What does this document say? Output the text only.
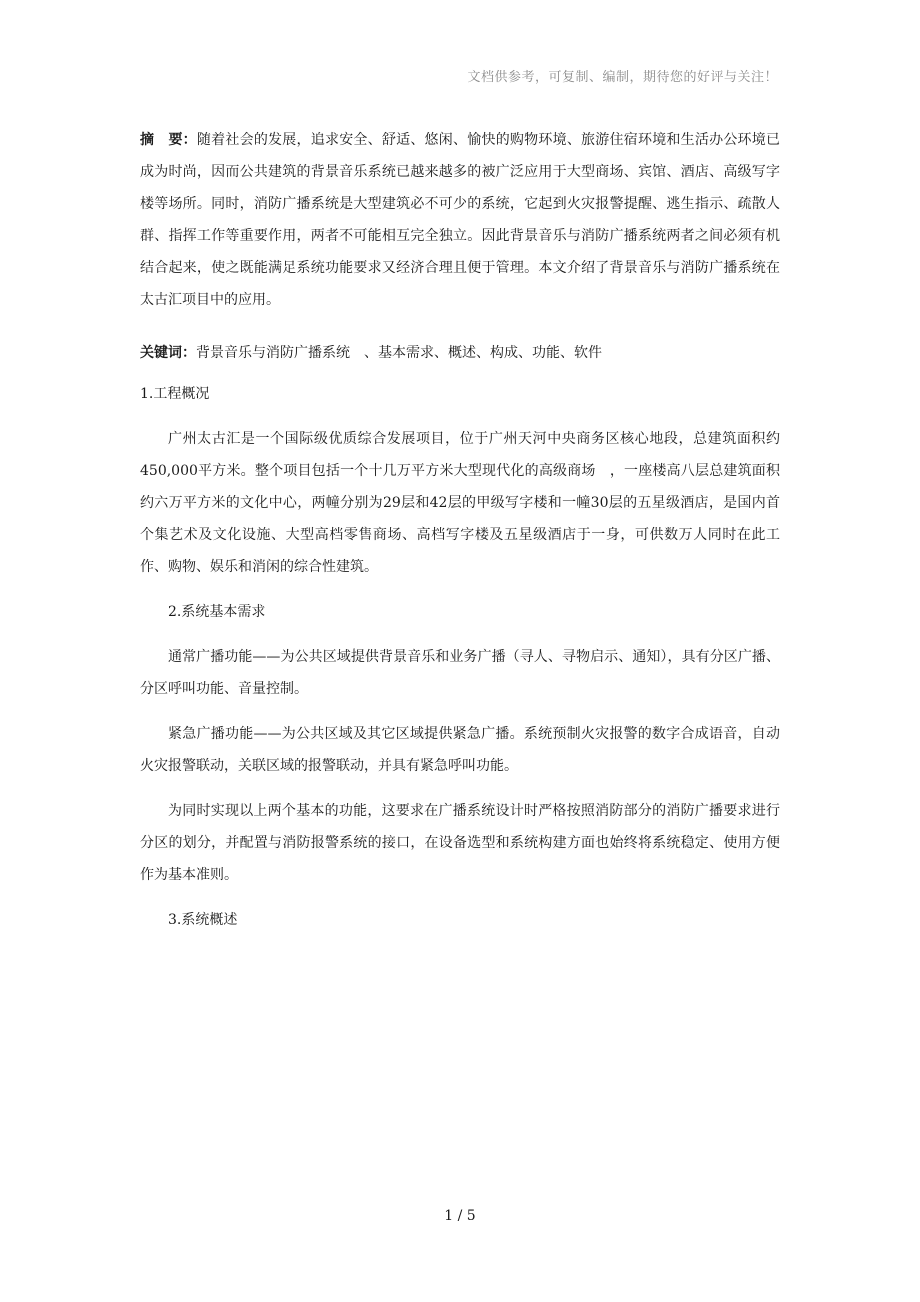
文档供参考，可复制、编制，期待您的好评与关注！

摘　要：随着社会的发展，追求安全、舒适、悠闲、愉快的购物环境、旅游住宿环境和生活办公环境已成为时尚，因而公共建筑的背景音乐系统已越来越多的被广泛应用于大型商场、宾馆、酒店、高级写字楼等场所。同时，消防广播系统是大型建筑必不可少的系统，它起到火灾报警提醒、逃生指示、疏散人群、指挥工作等重要作用，两者不可能相互完全独立。因此背景音乐与消防广播系统两者之间必须有机结合起来，使之既能满足系统功能要求又经济合理且便于管理。本文介绍了背景音乐与消防广播系统在太古汇项目中的应用。

关键词：背景音乐与消防广播系统　、基本需求、概述、构成、功能、软件

1.工程概况

广州太古汇是一个国际级优质综合发展项目，位于广州天河中央商务区核心地段，总建筑面积约450,000平方米。整个项目包括一个十几万平方米大型现代化的高级商场　，一座楼高八层总建筑面积约六万平方米的文化中心，两幢分别为29层和42层的甲级写字楼和一幢30层的五星级酒店，是国内首个集艺术及文化设施、大型高档零售商场、高档写字楼及五星级酒店于一身，可供数万人同时在此工作、购物、娱乐和消闲的综合性建筑。

2.系统基本需求

通常广播功能——为公共区域提供背景音乐和业务广播（寻人、寻物启示、通知），具有分区广播、分区呼叫功能、音量控制。

紧急广播功能——为公共区域及其它区域提供紧急广播。系统预制火灾报警的数字合成语音，自动火灾报警联动，关联区域的报警联动，并具有紧急呼叫功能。

为同时实现以上两个基本的功能，这要求在广播系统设计时严格按照消防部分的消防广播要求进行分区的划分，并配置与消防报警系统的接口，在设备选型和系统构建方面也始终将系统稳定、使用方便作为基本准则。

3.系统概述

1 / 5
